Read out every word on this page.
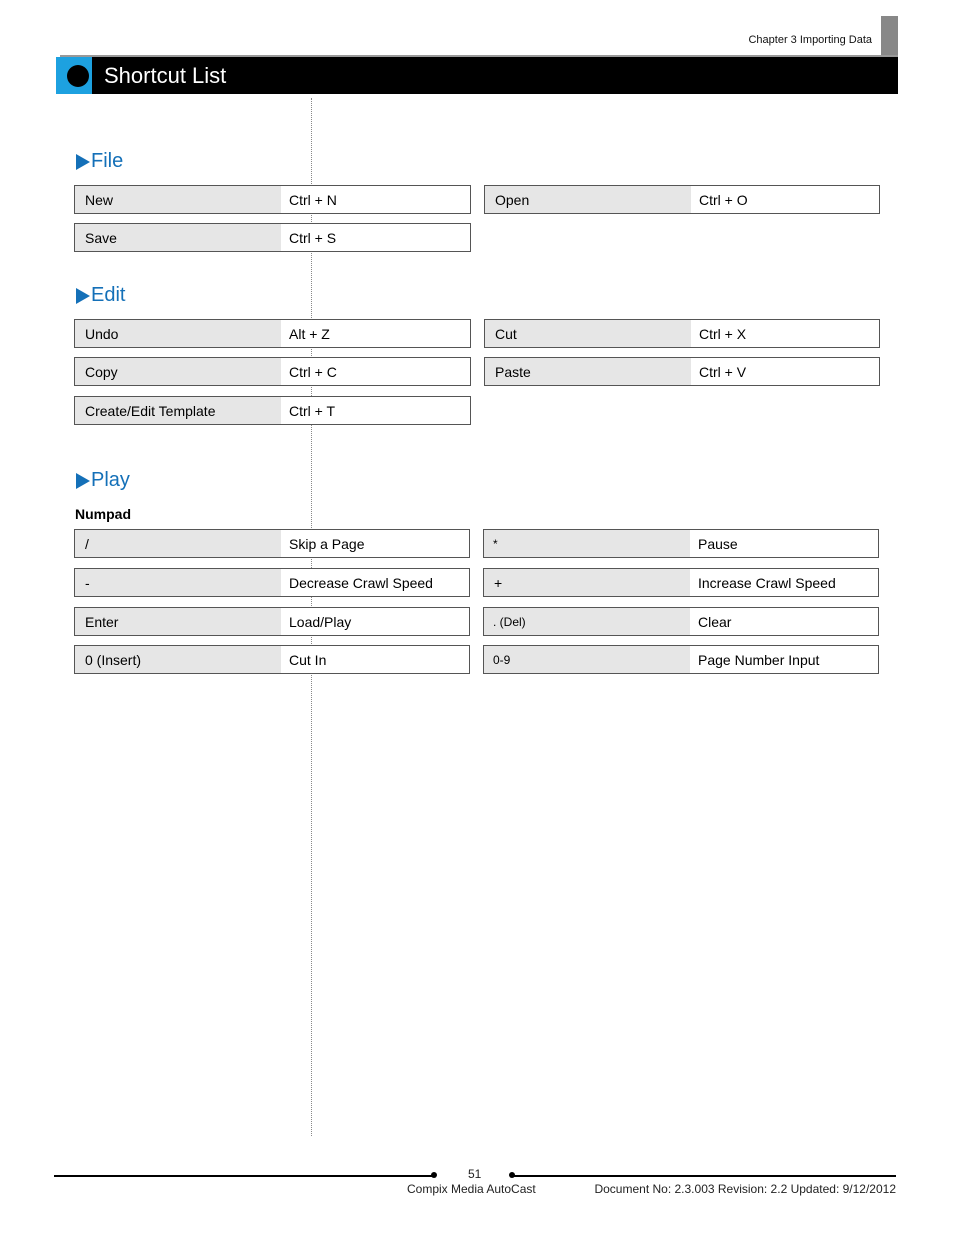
Chapter 3 Importing Data
Shortcut List
File
New	Ctrl + N	Open	Ctrl + O
Save	Ctrl + S
Edit
Undo	Alt + Z	Cut	Ctrl + X
Copy	Ctrl + C	Paste	Ctrl + V
Create/Edit Template	Ctrl + T
Play
Numpad
/	Skip a Page	*	Pause
-	Decrease Crawl Speed	+	Increase Crawl Speed
Enter	Load/Play	. (Del)	Clear
0 (Insert)	Cut In	0-9	Page Number Input
51
Compix Media AutoCast	Document No: 2.3.003 Revision: 2.2 Updated: 9/12/2012
